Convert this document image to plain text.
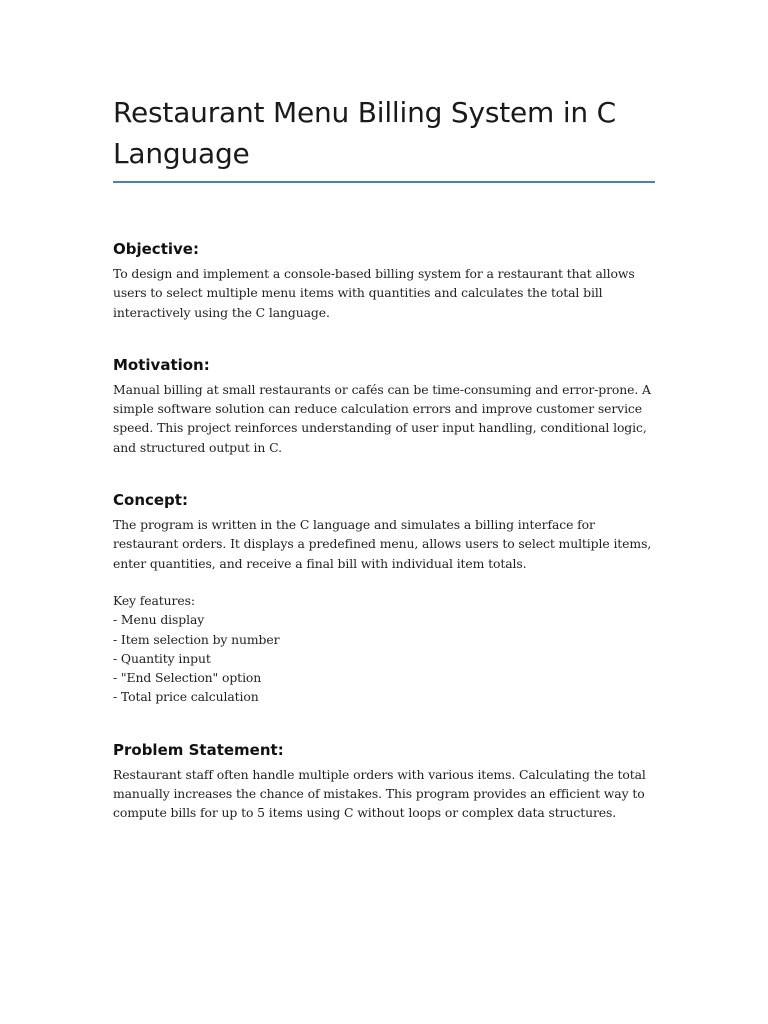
Restaurant Menu Billing System in C Language
Objective:

To design and implement a console-based billing system for a restaurant that allows users to select multiple menu items with quantities and calculates the total bill interactively using the C language.

Motivation:

Manual billing at small restaurants or cafés can be time-consuming and error-prone. A simple software solution can reduce calculation errors and improve customer service speed. This project reinforces understanding of user input handling, conditional logic, and structured output in C.

Concept:

The program is written in the C language and simulates a billing interface for restaurant orders. It displays a predefined menu, allows users to select multiple items, enter quantities, and receive a final bill with individual item totals.

Key features:
- Menu display
- Item selection by number
- Quantity input
- "End Selection" option
- Total price calculation
Problem Statement:

Restaurant staff often handle multiple orders with various items. Calculating the total manually increases the chance of mistakes. This program provides an efficient way to compute bills for up to 5 items using C without loops or complex data structures.
